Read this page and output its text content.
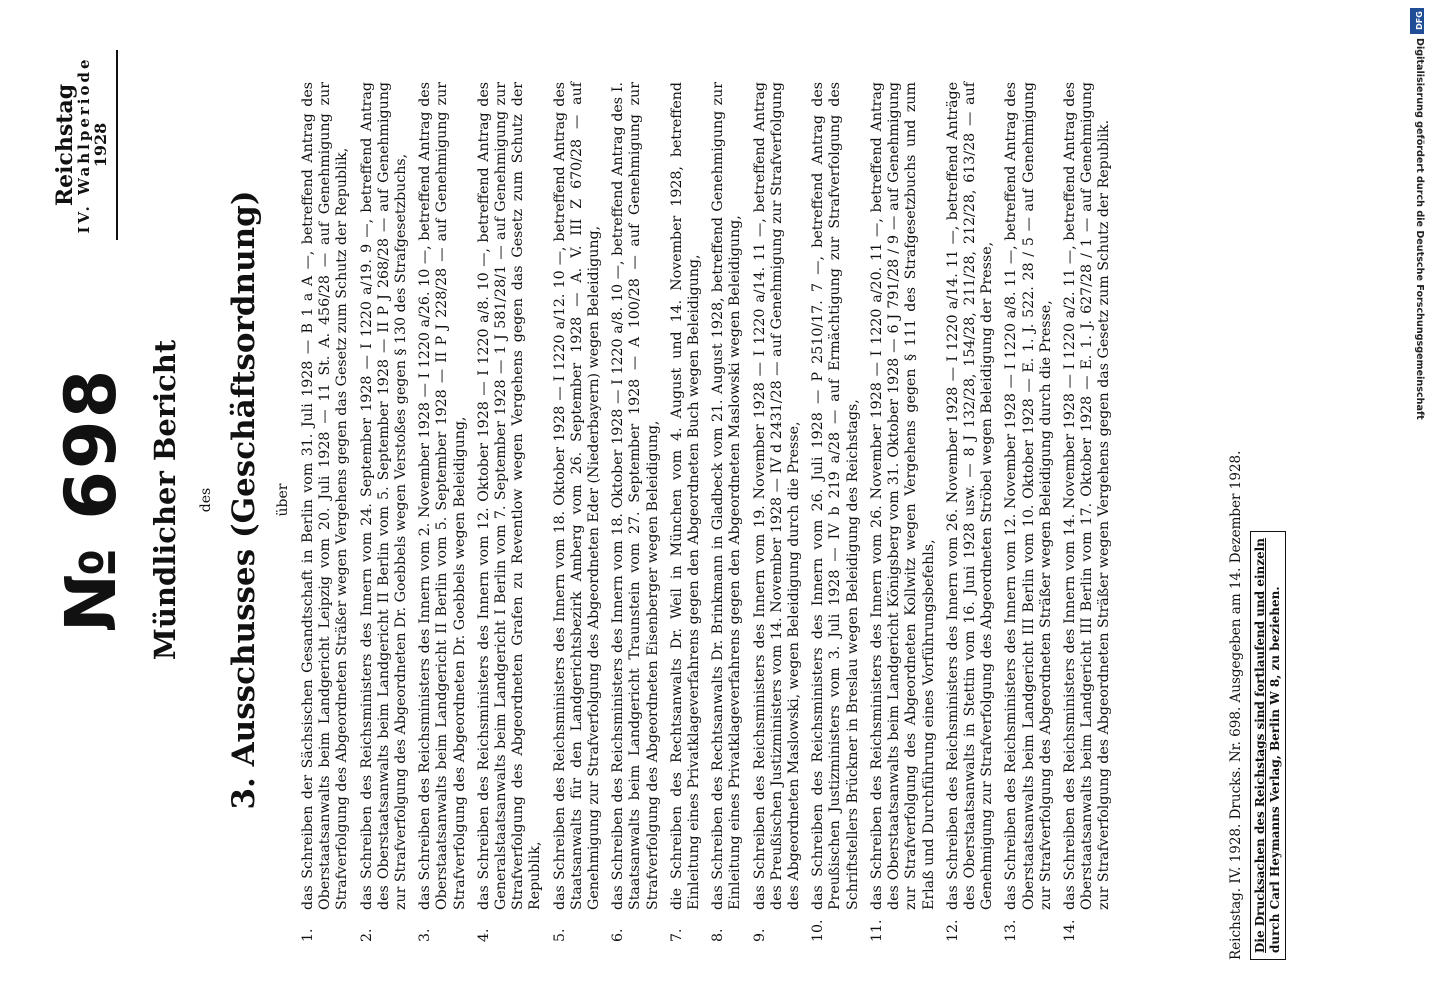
Reichstag
IV. Wahlperiode
1928
№ 698 Mündlicher Bericht des 3. Ausschusses (Geschäftsordnung) über
1.
das Schreiben der Sächsischen Gesandtschaft in Berlin vom 31. Juli 1928 — B 1 a A —, betreffend Antrag des Oberstaatsanwalts beim Landgericht Leipzig vom 20. Juli 1928 — 11 St. A. 456/28 — auf Genehmigung zur Strafverfolgung des Abgeordneten Sträßer wegen Vergehens gegen das Gesetz zum Schutz der Republik,
2.
das Schreiben des Reichsministers des Innern vom 24. September 1928 — I 1220 a/19. 9 —, betreffend Antrag des Oberstaatsanwalts beim Landgericht II Berlin vom 5. September 1928 — II P J 268/28 — auf Genehmigung zur Strafverfolgung des Abgeordneten Dr. Goebbels wegen Verstoßes gegen § 130 des Strafgesetzbuchs,
3.
das Schreiben des Reichsministers des Innern vom 2. November 1928 — I 1220 a/26. 10 —, betreffend Antrag des Oberstaatsanwalts beim Landgericht II Berlin vom 5. September 1928 — II P J 228/28 — auf Genehmigung zur Strafverfolgung des Abgeordneten Dr. Goebbels wegen Beleidigung,
4.
das Schreiben des Reichsministers des Innern vom 12. Oktober 1928 — I 1220 a/8. 10 —, betreffend Antrag des Generalstaatsanwalts beim Landgericht I Berlin vom 7. September 1928 — 1 J 581/28/1 — auf Genehmigung zur Strafverfolgung des Abgeordneten Grafen zu Reventlow wegen Vergehens gegen das Gesetz zum Schutz der Republik,
5.
das Schreiben des Reichsministers des Innern vom 18. Oktober 1928 — I 1220 a/12. 10 —, betreffend Antrag des Staatsanwalts für den Landgerichtsbezirk Amberg vom 26. September 1928 — A. V. III Z 670/28 — auf Genehmigung zur Strafverfolgung des Abgeordneten Eder (Niederbayern) wegen Beleidigung,
6.
das Schreiben des Reichsministers des Innern vom 18. Oktober 1928 — I 1220 a/8. 10 —, betreffend Antrag des I. Staatsanwalts beim Landgericht Traunstein vom 27. September 1928 — A 100/28 — auf Genehmigung zur Strafverfolgung des Abgeordneten Eisenberger wegen Beleidigung,
7.
die Schreiben des Rechtsanwalts Dr. Weil in München vom 4. August und 14. November 1928, betreffend Einleitung eines Privatklageverfahrens gegen den Abgeordneten Buch wegen Beleidigung,
8.
das Schreiben des Rechtsanwalts Dr. Brinkmann in Gladbeck vom 21. August 1928, betreffend Genehmigung zur Einleitung eines Privatklageverfahrens gegen den Abgeordneten Maslowski wegen Beleidigung,
9.
das Schreiben des Reichsministers des Innern vom 19. November 1928 — I 1220 a/14. 11 —, betreffend Antrag des Preußischen Justizministers vom 14. November 1928 — IV d 2431/28 — auf Genehmigung zur Strafverfolgung des Abgeordneten Maslowski, wegen Beleidigung durch die Presse,
10.
das Schreiben des Reichsministers des Innern vom 26. Juli 1928 — P 2510/17. 7 —, betreffend Antrag des Preußischen Justizministers vom 3. Juli 1928 — IV b 219 a/28 — auf Ermächtigung zur Strafverfolgung des Schriftstellers Brückner in Breslau wegen Beleidigung des Reichstags,
11.
das Schreiben des Reichsministers des Innern vom 26. November 1928 — I 1220 a/20. 11 —, betreffend Antrag des Oberstaatsanwalts beim Landgericht Königsberg vom 31. Oktober 1928 — 6 J 791/28 / 9 — auf Genehmigung zur Strafverfolgung des Abgeordneten Kollwitz wegen Vergehens gegen § 111 des Strafgesetzbuchs und zum Erlaß und Durchführung eines Vorführungsbefehls,
12.
das Schreiben des Reichsministers des Innern vom 26. November 1928 — I 1220 a/14. 11 —, betreffend Anträge des Oberstaatsanwalts in Stettin vom 16. Juni 1928 usw. — 8 J 132/28, 154/28, 211/28, 212/28, 613/28 — auf Genehmigung zur Strafverfolgung des Abgeordneten Ströbel wegen Beleidigung der Presse,
13.
das Schreiben des Reichsministers des Innern vom 12. November 1928 — I 1220 a/8. 11 —, betreffend Antrag des Oberstaatsanwalts beim Landgericht III Berlin vom 10. Oktober 1928 — E. 1. J. 522. 28 / 5 — auf Genehmigung zur Strafverfolgung des Abgeordneten Sträßer wegen Beleidigung durch die Presse,
14.
das Schreiben des Reichsministers des Innern vom 14. November 1928 — I 1220 a/2. 11 —, betreffend Antrag des Oberstaatsanwalts beim Landgericht III Berlin vom 17. Oktober 1928 — E. 1. J. 627/28 / 1 — auf Genehmigung zur Strafverfolgung des Abgeordneten Sträßer wegen Vergehens gegen das Gesetz zum Schutz der Republik.	Reichstag. IV. 1928. Drucks. Nr. 698. Ausgegeben am 14. Dezember 1928. Die Drucksachen des Reichstags sind fortlaufend und einzeln durch Carl Heymanns Verlag, Berlin W 8, zu beziehen.
DFG
Digitalisierung gefördert durch die Deutsche Forschungsgemeinschaft
